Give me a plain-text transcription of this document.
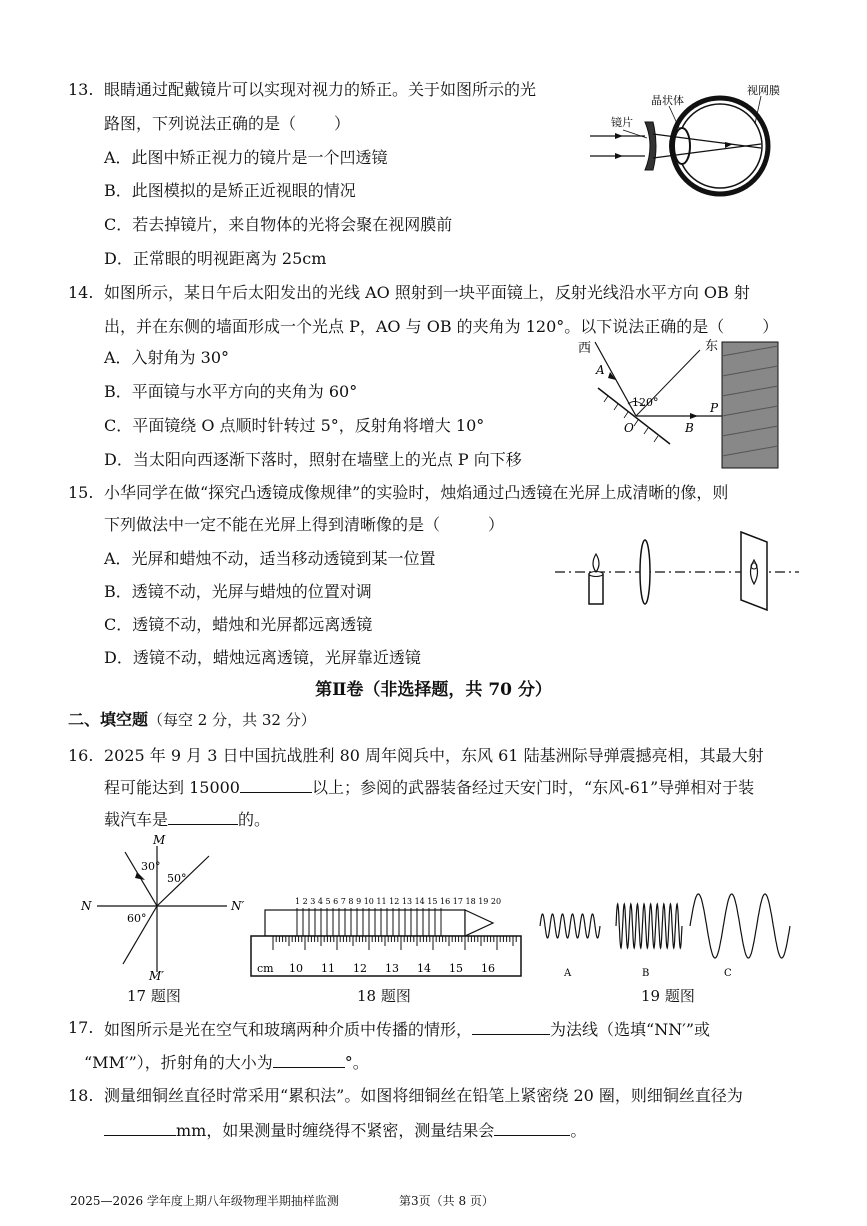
13. 眼睛通过配戴镜片可以实现对视力的矫正。关于如图所示的光
路图，下列说法正确的是（ ）
A．此图中矫正视力的镜片是一个凹透镜
B．此图模拟的是矫正近视眼的情况
C．若去掉镜片，来自物体的光将会聚在视网膜前
D．正常眼的明视距离为 25cm
镜片
晶状体
视网膜
14. 如图所示，某日午后太阳发出的光线 AO 照射到一块平面镜上，反射光线沿水平方向 OB 射
出，并在东侧的墙面形成一个光点 P，AO 与 OB 的夹角为 120°。以下说法正确的是（ ）
A．入射角为 30°
B．平面镜与水平方向的夹角为 60°
C．平面镜绕 O 点顺时针转过 5°，反射角将增大 10°
D．当太阳向西逐渐下落时，照射在墙壁上的光点 P 向下移
西	东
120°
A
O	B
P
15. 小华同学在做“探究凸透镜成像规律”的实验时，烛焰通过凸透镜在光屏上成清晰的像，则
下列做法中一定不能在光屏上得到清晰像的是（	）
A．光屏和蜡烛不动，适当移动透镜到某一位置
B．透镜不动，光屏与蜡烛的位置对调
C．透镜不动，蜡烛和光屏都远离透镜
D．透镜不动，蜡烛远离透镜，光屏靠近透镜
第Ⅱ卷（非选择题，共 70 分）
二、填空题（每空 2 分，共 32 分）
16. 2025 年 9 月 3 日中国抗战胜利 80 周年阅兵中，东风 61 陆基洲际导弹震撼亮相，其最大射
程可能达到 15000	以上；参阅的武器装备经过天安门时，“东风-61”导弹相对于装
载汽车是	的。
M
M′
N	N′
30°
50°
60°
17 题图
1 2 3 4 5 6 7 8 9 10 11 12 13 14 15 16 17 18 19 20
cm 10 11 12 13 14 15 16
18 题图
A	B	C
19 题图
17. 如图所示是光在空气和玻璃两种介质中传播的情形，	为法线（选填“NN′”或
“MM′”），折射角的大小为	°。
18. 测量细铜丝直径时常采用“累积法”。如图将细铜丝在铅笔上紧密绕 20 圈，则细铜丝直径为
mm，如果测量时缠绕得不紧密，测量结果会	。
2025—2026 学年度上期八年级物理半期抽样监测	第3页（共 8 页）
